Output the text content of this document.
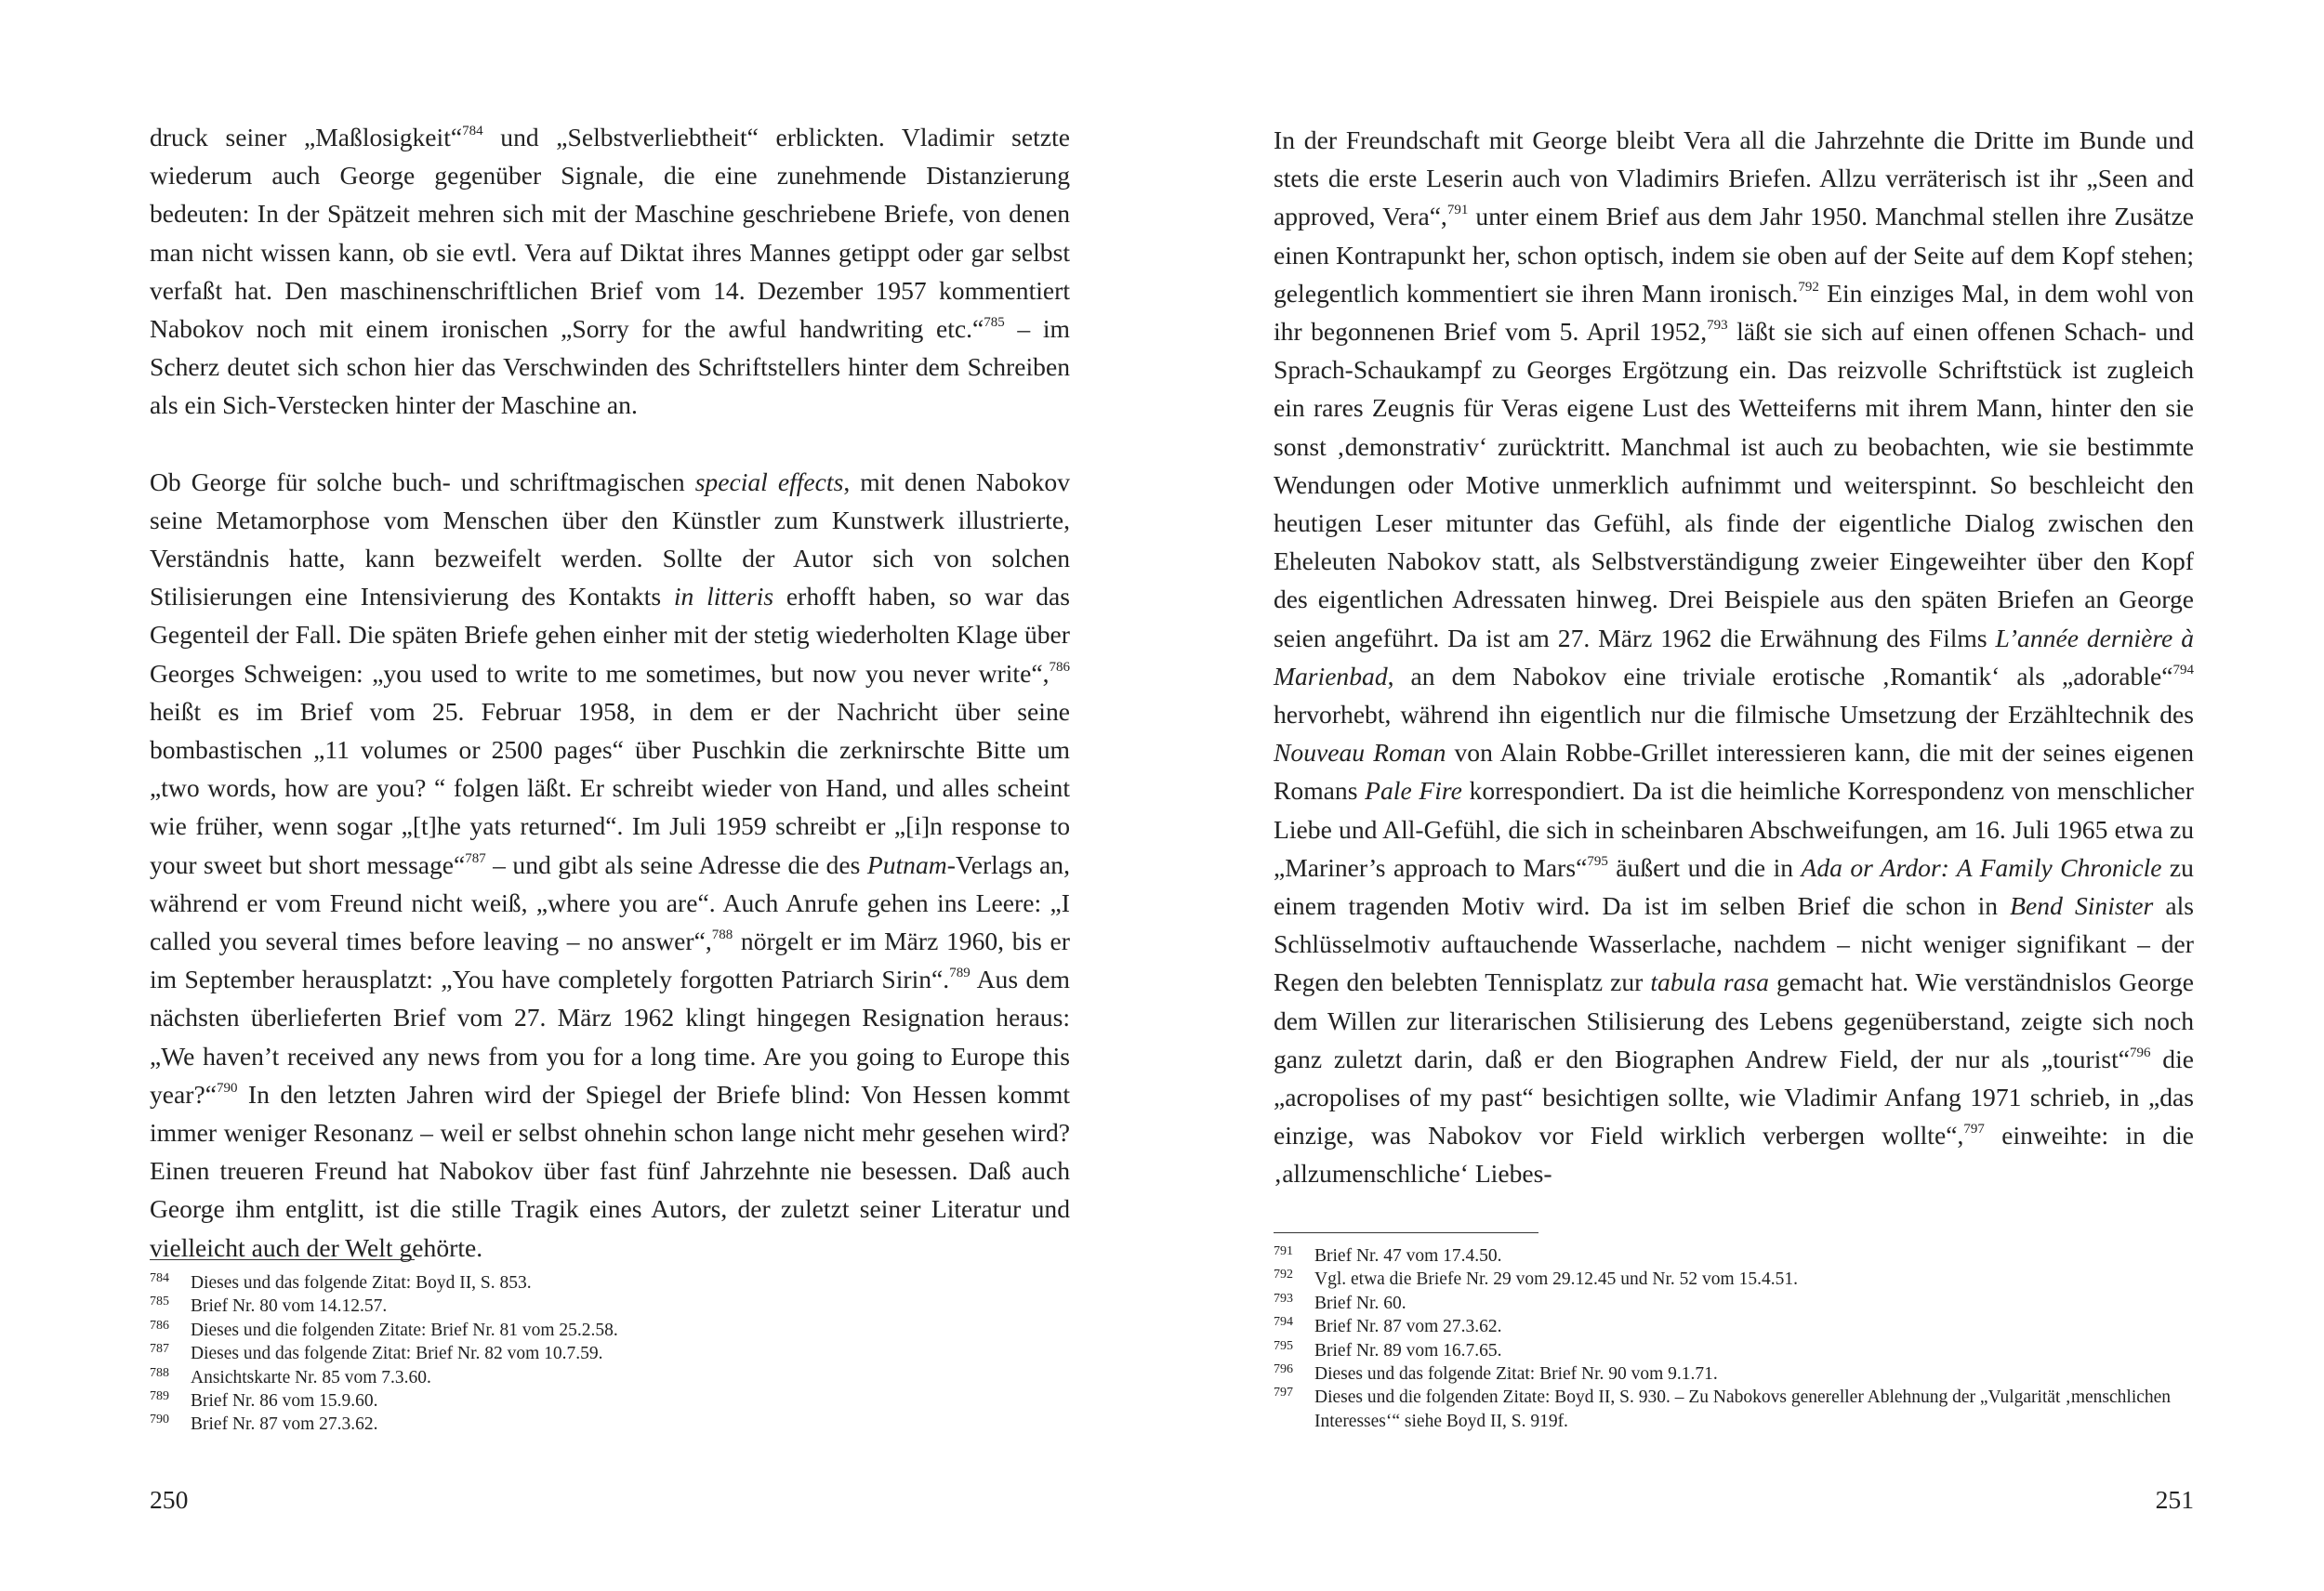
druck seiner „Maßlosigkeit“$^{784}$ und „Selbstverliebtheit“ erblickten. Vladimir setzte wiederum auch George gegenüber Signale, die eine zunehmende Distanzierung bedeuten: In der Spätzeit mehren sich mit der Maschine geschriebene Briefe, von denen man nicht wissen kann, ob sie evtl. Vera auf Diktat ihres Mannes getippt oder gar selbst verfaßt hat. Den maschinenschriftlichen Brief vom 14. Dezember 1957 kommentiert Nabokov noch mit einem ironischen „Sorry for the awful handwriting etc.“$^{785}$ – im Scherz deutet sich schon hier das Verschwinden des Schriftstellers hinter dem Schreiben als ein Sich-Verstecken hinter der Maschine an.

Ob George für solche buch- und schriftmagischen special effects, mit denen Nabokov seine Metamorphose vom Menschen über den Künstler zum Kunstwerk illustrierte, Verständnis hatte, kann bezweifelt werden. Sollte der Autor sich von solchen Stilisierungen eine Intensivierung des Kontakts in litteris erhofft haben, so war das Gegenteil der Fall. Die späten Briefe gehen einher mit der stetig wiederholten Klage über Georges Schweigen: „you used to write to me sometimes, but now you never write“,$^{786}$ heißt es im Brief vom 25. Februar 1958, in dem er der Nachricht über seine bombastischen „11 volumes or 2500 pages“ über Puschkin die zerknirschte Bitte um „two words, how are you? “ folgen läßt. Er schreibt wieder von Hand, und alles scheint wie früher, wenn sogar „[t]he yats returned“. Im Juli 1959 schreibt er „[i]n response to your sweet but short message“$^{787}$ – und gibt als seine Adresse die des Putnam-Verlags an, während er vom Freund nicht weiß, „where you are“. Auch Anrufe gehen ins Leere: „I called you several times before leaving – no answer“,$^{788}$ nörgelt er im März 1960, bis er im September herausplatzt: „You have completely forgotten Patriarch Sirin“.$^{789}$ Aus dem nächsten überlieferten Brief vom 27. März 1962 klingt hingegen Resignation heraus: „We haven’t received any news from you for a long time. Are you going to Europe this year?“$^{790}$ In den letzten Jahren wird der Spiegel der Briefe blind: Von Hessen kommt immer weniger Resonanz – weil er selbst ohnehin schon lange nicht mehr gesehen wird? Einen treueren Freund hat Nabokov über fast fünf Jahrzehnte nie besessen. Daß auch George ihm entglitt, ist die stille Tragik eines Autors, der zuletzt seiner Literatur und vielleicht auch der Welt gehörte.

784 Dieses und das folgende Zitat: Boyd II, S. 853.
785 Brief Nr. 80 vom 14.12.57.
786 Dieses und die folgenden Zitate: Brief Nr. 81 vom 25.2.58.
787 Dieses und das folgende Zitat: Brief Nr. 82 vom 10.7.59.
788 Ansichtskarte Nr. 85 vom 7.3.60.
789 Brief Nr. 86 vom 15.9.60.
790 Brief Nr. 87 vom 27.3.62.
250

In der Freundschaft mit George bleibt Vera all die Jahrzehnte die Dritte im Bunde und stets die erste Leserin auch von Vladimirs Briefen. Allzu verräterisch ist ihr „Seen and approved, Vera“,$^{791}$ unter einem Brief aus dem Jahr 1950. Manchmal stellen ihre Zusätze einen Kontrapunkt her, schon optisch, indem sie oben auf der Seite auf dem Kopf stehen; gelegentlich kommentiert sie ihren Mann ironisch.$^{792}$ Ein einziges Mal, in dem wohl von ihr begonnenen Brief vom 5. April 1952,$^{793}$ läßt sie sich auf einen offenen Schach- und Sprach-Schaukampf zu Georges Ergötzung ein. Das reizvolle Schriftstück ist zugleich ein rares Zeugnis für Veras eigene Lust des Wetteiferns mit ihrem Mann, hinter den sie sonst ‚demonstrativ‘ zurücktritt. Manchmal ist auch zu beobachten, wie sie bestimmte Wendungen oder Motive unmerklich aufnimmt und weiterspinnt. So beschleicht den heutigen Leser mitunter das Gefühl, als finde der eigentliche Dialog zwischen den Eheleuten Nabokov statt, als Selbstverständigung zweier Eingeweihter über den Kopf des eigentlichen Adressaten hinweg. Drei Beispiele aus den späten Briefen an George seien angeführt. Da ist am 27. März 1962 die Erwähnung des Films L’année dernière à Marienbad, an dem Nabokov eine triviale erotische ‚Romantik‘ als „adorable“$^{794}$ hervorhebt, während ihn eigentlich nur die filmische Umsetzung der Erzähltechnik des Nouveau Roman von Alain Robbe-Grillet interessieren kann, die mit der seines eigenen Romans Pale Fire korrespondiert. Da ist die heimliche Korrespondenz von menschlicher Liebe und All-Gefühl, die sich in scheinbaren Abschweifungen, am 16. Juli 1965 etwa zu „Mariner’s approach to Mars“$^{795}$ äußert und die in Ada or Ardor: A Family Chronicle zu einem tragenden Motiv wird. Da ist im selben Brief die schon in Bend Sinister als Schlüsselmotiv auftauchende Wasserlache, nachdem – nicht weniger signifikant – der Regen den belebten Tennisplatz zur tabula rasa gemacht hat. Wie verständnislos George dem Willen zur literarischen Stilisierung des Lebens gegenüberstand, zeigte sich noch ganz zuletzt darin, daß er den Biographen Andrew Field, der nur als „tourist“$^{796}$ die „acropolises of my past“ besichtigen sollte, wie Vladimir Anfang 1971 schrieb, in „das einzige, was Nabokov vor Field wirklich verbergen wollte“,$^{797}$ einweihte: in die ‚allzumenschliche‘ Liebes-

791 Brief Nr. 47 vom 17.4.50.
792 Vgl. etwa die Briefe Nr. 29 vom 29.12.45 und Nr. 52 vom 15.4.51.
793 Brief Nr. 60.
794 Brief Nr. 87 vom 27.3.62.
795 Brief Nr. 89 vom 16.7.65.
796 Dieses und das folgende Zitat: Brief Nr. 90 vom 9.1.71.
797 Dieses und die folgenden Zitate: Boyd II, S. 930. – Zu Nabokovs genereller Ablehnung der „Vulgarität ‚menschlichen Interesses‘“ siehe Boyd II, S. 919f.
251
